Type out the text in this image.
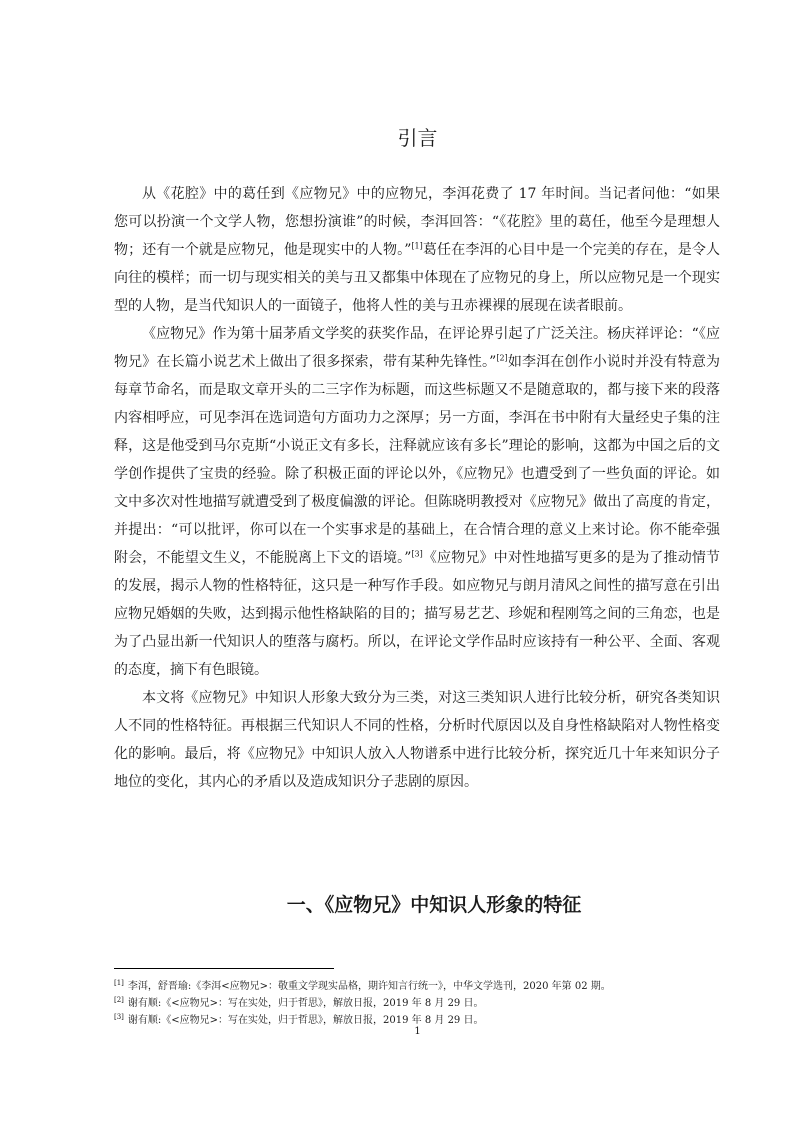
引言

从《花腔》中的葛任到《应物兄》中的应物兄，李洱花费了 17 年时间。当记者问他：“如果您可以扮演一个文学人物，您想扮演谁”的时候，李洱回答：“《花腔》里的葛任，他至今是理想人物；还有一个就是应物兄，他是现实中的人物。”[1]葛任在李洱的心目中是一个完美的存在，是令人向往的模样；而一切与现实相关的美与丑又都集中体现在了应物兄的身上，所以应物兄是一个现实型的人物，是当代知识人的一面镜子，他将人性的美与丑赤裸裸的展现在读者眼前。

《应物兄》作为第十届茅盾文学奖的获奖作品，在评论界引起了广泛关注。杨庆祥评论：“《应物兄》在长篇小说艺术上做出了很多探索，带有某种先锋性。”[2]如李洱在创作小说时并没有特意为每章节命名，而是取文章开头的二三字作为标题，而这些标题又不是随意取的，都与接下来的段落内容相呼应，可见李洱在选词造句方面功力之深厚；另一方面，李洱在书中附有大量经史子集的注释，这是他受到马尔克斯“小说正文有多长，注释就应该有多长”理论的影响，这都为中国之后的文学创作提供了宝贵的经验。除了积极正面的评论以外，《应物兄》也遭受到了一些负面的评论。如文中多次对性地描写就遭受到了极度偏激的评论。但陈晓明教授对《应物兄》做出了高度的肯定，并提出：“可以批评，你可以在一个实事求是的基础上，在合情合理的意义上来讨论。你不能牵强附会，不能望文生义，不能脱离上下文的语境。”[3]《应物兄》中对性地描写更多的是为了推动情节的发展，揭示人物的性格特征，这只是一种写作手段。如应物兄与朗月清风之间性的描写意在引出应物兄婚姻的失败，达到揭示他性格缺陷的目的；描写易艺艺、珍妮和程刚笃之间的三角恋，也是为了凸显出新一代知识人的堕落与腐朽。所以，在评论文学作品时应该持有一种公平、全面、客观的态度，摘下有色眼镜。

本文将《应物兄》中知识人形象大致分为三类，对这三类知识人进行比较分析，研究各类知识人不同的性格特征。再根据三代知识人不同的性格，分析时代原因以及自身性格缺陷对人物性格变化的影响。最后，将《应物兄》中知识人放入人物谱系中进行比较分析，探究近几十年来知识分子地位的变化，其内心的矛盾以及造成知识分子悲剧的原因。

一、《应物兄》中知识人形象的特征
[1] 李洱，舒晋瑜:《李洱<应物兄>：敬重文学现实品格，期许知言行统一》，中华文学选刊，2020 年第 02 期。
[2] 谢有顺:《<应物兄>：写在实处，归于哲思》，解放日报，2019 年 8 月 29 日。
[3] 谢有顺:《<应物兄>：写在实处，归于哲思》，解放日报，2019 年 8 月 29 日。
1
